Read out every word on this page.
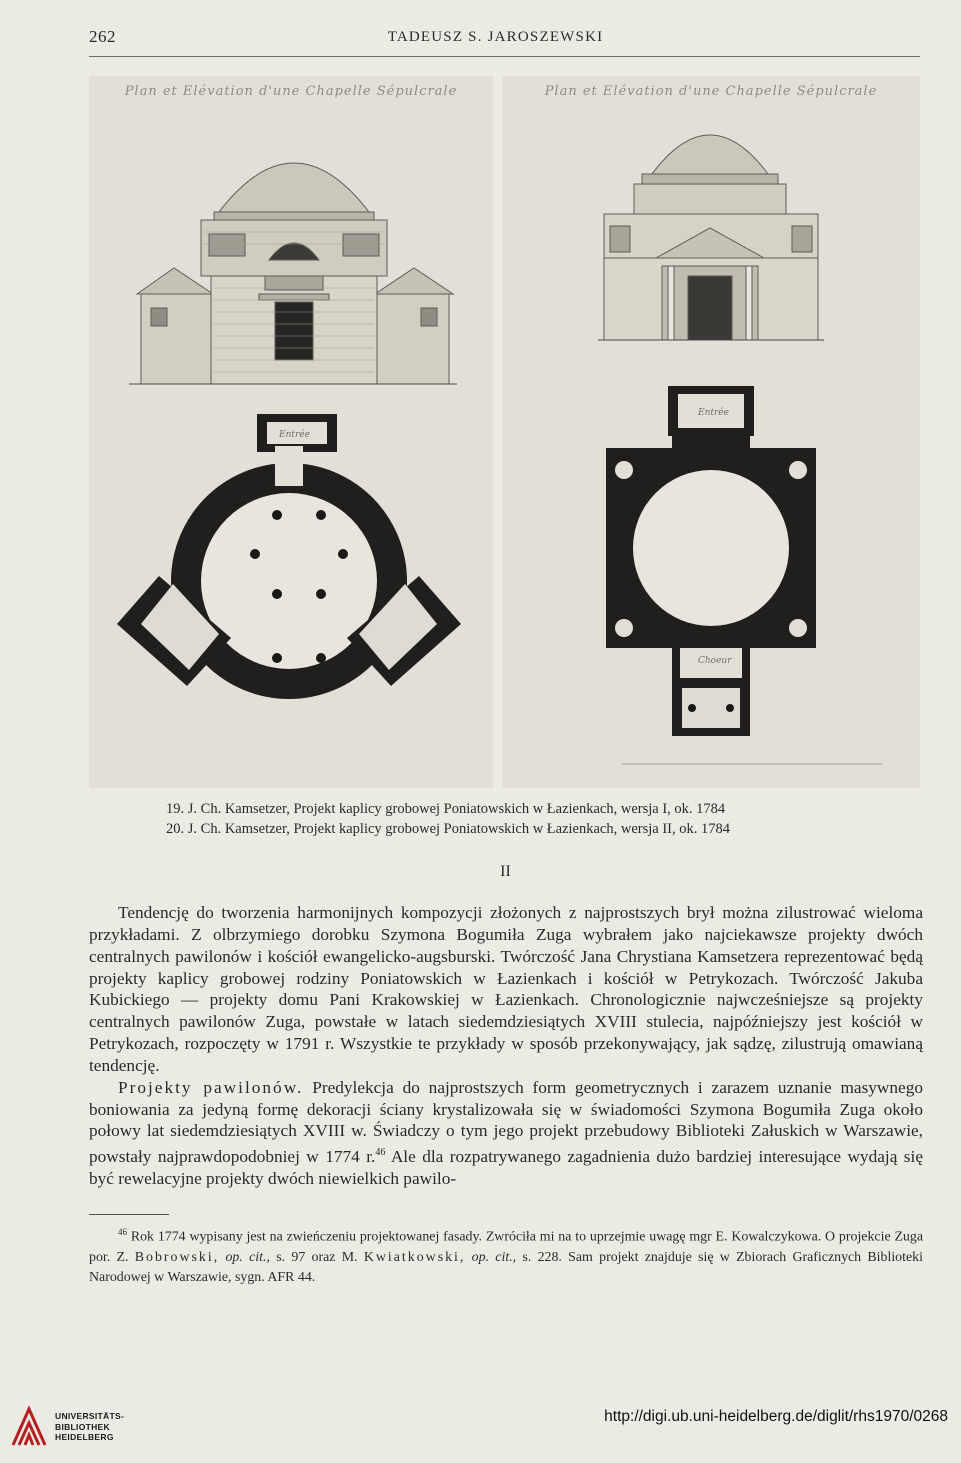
262	TADEUSZ S. JAROSZEWSKI
Plan et Elévation d'une Chapelle Sépulcrale
Entrée
Plan et Elévation d'une Chapelle Sépulcrale
Entrée
Choeur
19. J. Ch. Kamsetzer, Projekt kaplicy grobowej Poniatowskich w Łazienkach, wersja I, ok. 1784
20. J. Ch. Kamsetzer, Projekt kaplicy grobowej Poniatowskich w Łazienkach, wersja II, ok. 1784
II

Tendencję do tworzenia harmonijnych kompozycji złożonych z najprostszych brył można zilustrować wieloma przykładami. Z olbrzymiego dorobku Szymona Bogumiła Zuga wybrałem jako najciekawsze projekty dwóch centralnych pawilonów i kościół ewangelicko-augsburski. Twórczość Jana Chrystiana Kamsetzera reprezentować będą projekty kaplicy grobowej rodziny Poniatowskich w Łazienkach i kościół w Petrykozach. Twórczość Jakuba Kubickiego — projekty domu Pani Krakowskiej w Łazienkach. Chronologicznie najwcześniejsze są projekty centralnych pawilonów Zuga, powstałe w latach siedemdziesiątych XVIII stulecia, najpóźniejszy jest kościół w Petrykozach, rozpoczęty w 1791 r. Wszystkie te przykłady w sposób przekonywający, jak sądzę, zilustrują omawianą tendencję.

Projekty pawilonów. Predylekcja do najprostszych form geometrycznych i zarazem uznanie masywnego boniowania za jedyną formę dekoracji ściany krystalizowała się w świadomości Szymona Bogumiła Zuga około połowy lat siedemdziesiątych XVIII w. Świadczy o tym jego projekt przebudowy Biblioteki Załuskich w Warszawie, powstały najprawdopodobniej w 1774 r.$^{46}$ Ale dla rozpatrywanego zagadnienia dużo bardziej interesujące wydają się być rewelacyjne projekty dwóch niewielkich pawilo-

$^{46}$ Rok 1774 wypisany jest na zwieńczeniu projektowanej fasady. Zwróciła mi na to uprzejmie uwagę mgr E. Kowalczykowa. O projekcie Zuga por. Z. Bobrowski, op. cit., s. 97 oraz M. Kwiatkowski, op. cit., s. 228. Sam projekt znajduje się w Zbiorach Graficznych Biblioteki Narodowej w Warszawie, sygn. AFR 44.
UNIVERSITÄTS-
BIBLIOTHEK
HEIDELBERG
http://digi.ub.uni-heidelberg.de/diglit/rhs1970/0268
